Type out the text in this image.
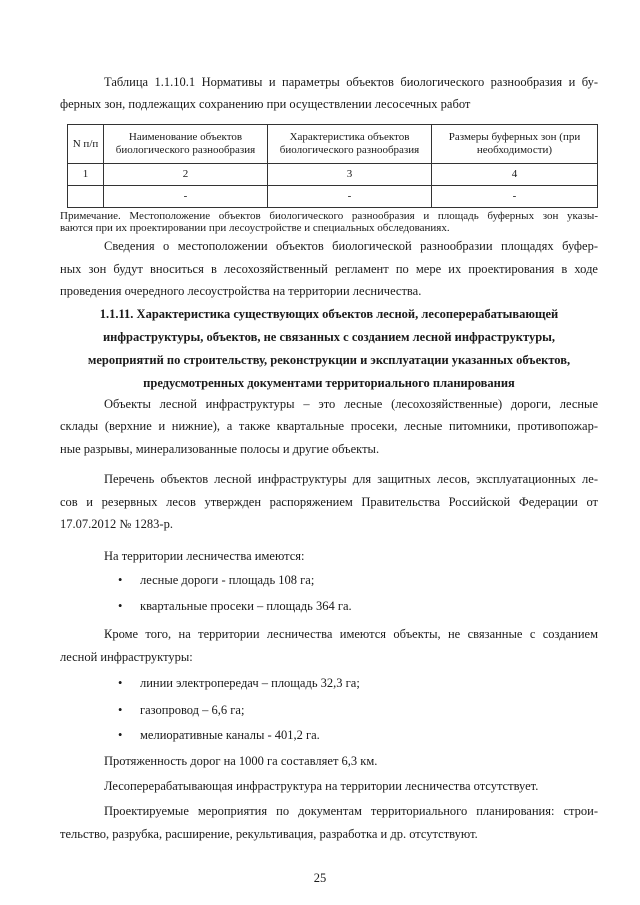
Таблица 1.1.10.1 Нормативы и параметры объектов биологического разнообразия и бу-
ферных зон, подлежащих сохранению при осуществлении лесосечных работ
N п/п	Наименование объектов биологического разнообразия	Характеристика объектов биологического разнообразия	Размеры буферных зон (при необходимости)
1	2	3	4
	-	-	-
Примечание. Местоположение объектов биологического разнообразия и площадь буферных зон указы-
ваются при их проектировании при лесоустройстве и специальных обследованиях.
Сведения о местоположении объектов биологической разнообразии площадях буфер-
ных зон будут вноситься в лесохозяйственный регламент по мере их проектирования в ходе
проведения очередного лесоустройства на территории лесничества.
1.1.11. Характеристика существующих объектов лесной, лесоперерабатывающей
инфраструктуры, объектов, не связанных с созданием лесной инфраструктуры,
мероприятий по строительству, реконструкции и эксплуатации указанных объектов,
предусмотренных документами территориального планирования
Объекты лесной инфраструктуры – это лесные (лесохозяйственные) дороги, лесные
склады (верхние и нижние), а также квартальные просеки, лесные питомники, противопожар-
ные разрывы, минерализованные полосы и другие объекты.
Перечень объектов лесной инфраструктуры для защитных лесов, эксплуатационных ле-
сов и резервных лесов утвержден распоряжением Правительства Российской Федерации от
17.07.2012 № 1283-р.
На территории лесничества имеются:
•	лесные дороги - площадь 108 га;
•	квартальные просеки – площадь 364 га.
Кроме того, на территории лесничества имеются объекты, не связанные с созданием
лесной инфраструктуры:
•	линии электропередач – площадь 32,3 га;
•	газопровод – 6,6 га;
•	мелиоративные каналы - 401,2 га.
Протяженность дорог на 1000 га составляет 6,3 км.
Лесоперерабатывающая инфраструктура на территории лесничества отсутствует.
Проектируемые мероприятия по документам территориального планирования: строи-
тельство, разрубка, расширение, рекультивация, разработка и др. отсутствуют.
25
